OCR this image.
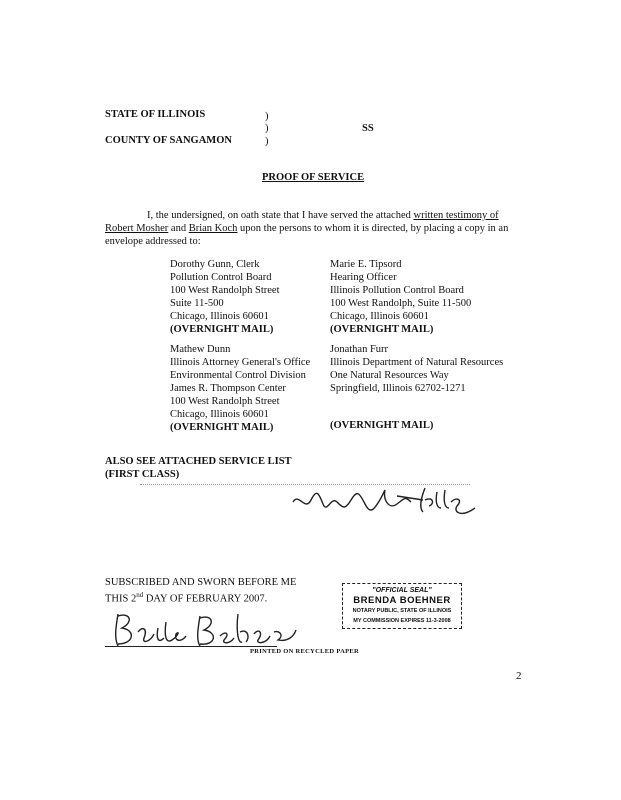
STATE OF ILLINOIS	)
)	SS
)
COUNTY OF SANGAMON
PROOF OF SERVICE
I, the undersigned, on oath state that I have served the attached written testimony of
Robert Mosher and Brian Koch upon the persons to whom it is directed, by placing a copy in an
envelope addressed to:
Dorothy Gunn, Clerk
Pollution Control Board
100 West Randolph Street
Suite 11-500
Chicago, Illinois 60601
(OVERNIGHT MAIL)
Marie E. Tipsord
Hearing Officer
Illinois Pollution Control Board
100 West Randolph, Suite 11-500
Chicago, Illinois 60601
(OVERNIGHT MAIL)
Mathew Dunn
Illinois Attorney General's Office
Environmental Control Division
James R. Thompson Center
100 West Randolph Street
Chicago, Illinois 60601
(OVERNIGHT MAIL)
Jonathan Furr
Illinois Department of Natural Resources
One Natural Resources Way
Springfield, Illinois 62702-1271
(OVERNIGHT MAIL)
ALSO SEE ATTACHED SERVICE LIST
(FIRST CLASS)
SUBSCRIBED AND SWORN BEFORE ME
THIS 2nd DAY OF FEBRUARY 2007.
"OFFICIAL SEAL"
BRENDA BOEHNER
NOTARY PUBLIC, STATE OF ILLINOIS
MY COMMISSION EXPIRES 11-3-2008
PRINTED ON RECYCLED PAPER
2
